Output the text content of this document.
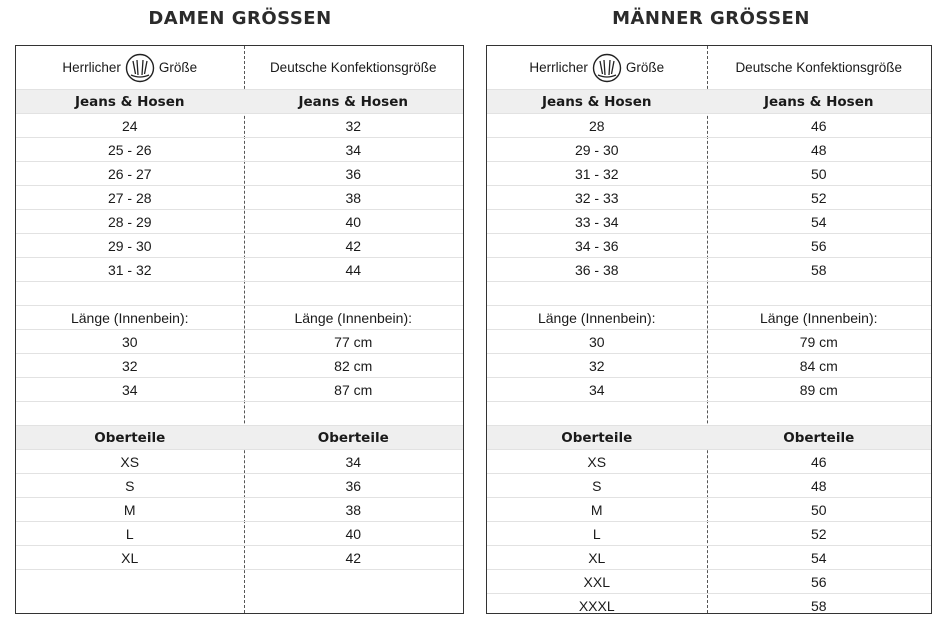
DAMEN GRÖSSEN	MÄNNER GRÖSSEN
Herrlicher	Größe	Deutsche Konfektionsgröße
Jeans & Hosen	Jeans & Hosen
24	32
25 - 26	34
26 - 27	36
27 - 28	38
28 - 29	40
29 - 30	42
31 - 32	44
Länge (Innenbein):	Länge (Innenbein):
30	77 cm
32	82 cm
34	87 cm
Oberteile	Oberteile
XS	34
S	36
M	38
L	40
XL	42
Herrlicher	Größe	Deutsche Konfektionsgröße
Jeans & Hosen	Jeans & Hosen
28	46
29 - 30	48
31 - 32	50
32 - 33	52
33 - 34	54
34 - 36	56
36 - 38	58
Länge (Innenbein):	Länge (Innenbein):
30	79 cm
32	84 cm
34	89 cm
Oberteile	Oberteile
XS	46
S	48
M	50
L	52
XL	54
XXL	56
XXXL	58
